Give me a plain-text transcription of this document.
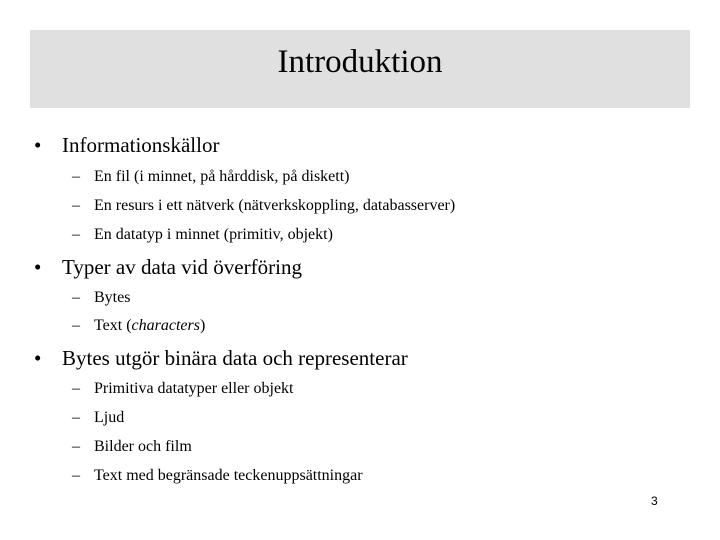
Introduktion
• Informationskällor
– En fil (i minnet, på hårddisk, på diskett)
– En resurs i ett nätverk (nätverkskoppling, databasserver)
– En datatyp i minnet (primitiv, objekt)
• Typer av data vid överföring
– Bytes
– Text (characters)
• Bytes utgör binära data och representerar
– Primitiva datatyper eller objekt
– Ljud
– Bilder och film
– Text med begränsade teckenuppsättningar
3
